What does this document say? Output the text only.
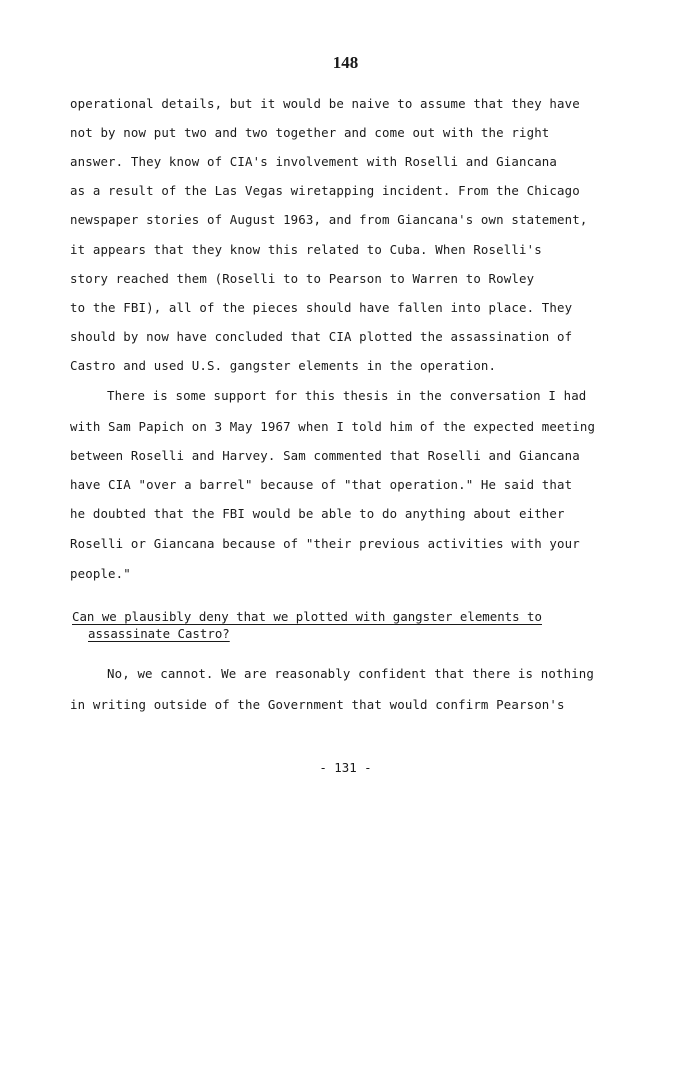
148
operational details, but it would be naive to assume that they have
not by now put two and two together and come out with the right
answer. They know of CIA's involvement with Roselli and Giancana
as a result of the Las Vegas wiretapping incident. From the Chicago
newspaper stories of August 1963, and from Giancana's own statement,
it appears that they know this related to Cuba. When Roselli's
story reached them (Roselli to to Pearson to Warren to Rowley
to the FBI), all of the pieces should have fallen into place. They
should by now have concluded that CIA plotted the assassination of
Castro and used U.S. gangster elements in the operation.
There is some support for this thesis in the conversation I had
with Sam Papich on 3 May 1967 when I told him of the expected meeting
between Roselli and Harvey. Sam commented that Roselli and Giancana
have CIA "over a barrel" because of "that operation." He said that
he doubted that the FBI would be able to do anything about either
Roselli or Giancana because of "their previous activities with your
people."
Can we plausibly deny that we plotted with gangster elements to
assassinate Castro?
No, we cannot. We are reasonably confident that there is nothing
in writing outside of the Government that would confirm Pearson's
- 131 -
